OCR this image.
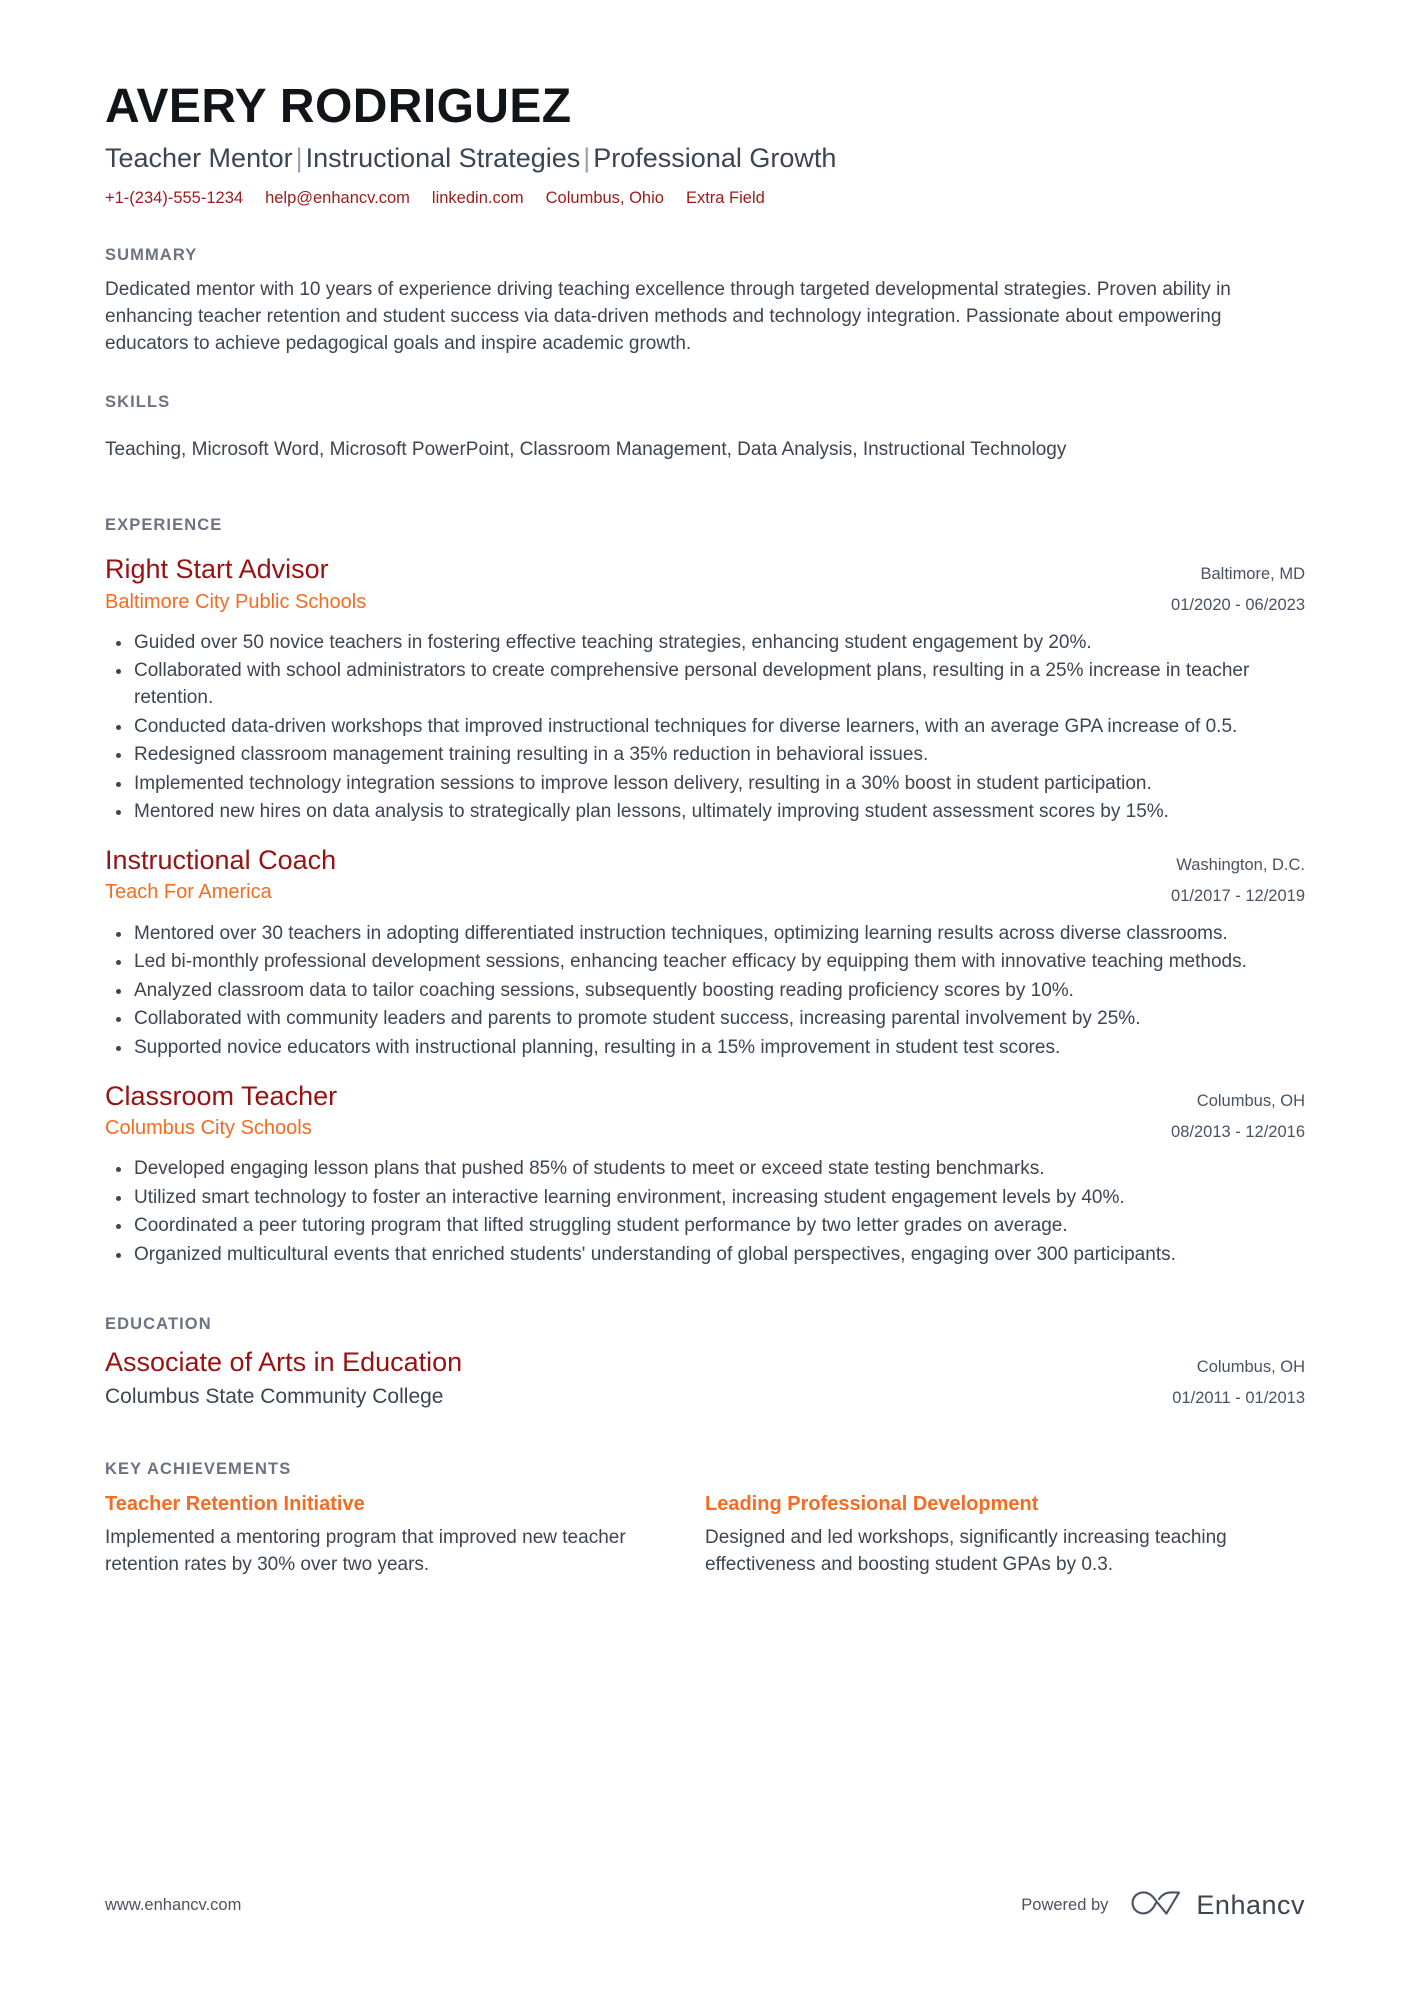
AVERY RODRIGUEZ
Teacher Mentor | Instructional Strategies | Professional Growth
+1-(234)-555-1234 help@enhancv.com linkedin.com Columbus, Ohio Extra Field
SUMMARY

Dedicated mentor with 10 years of experience driving teaching excellence through targeted developmental strategies. Proven ability in enhancing teacher retention and student success via data-driven methods and technology integration. Passionate about empowering educators to achieve pedagogical goals and inspire academic growth.

SKILLS

Teaching, Microsoft Word, Microsoft PowerPoint, Classroom Management, Data Analysis, Instructional Technology

EXPERIENCE
Right Start Advisor
Baltimore City Public Schools
Baltimore, MD
01/2020 - 06/2023
Guided over 50 novice teachers in fostering effective teaching strategies, enhancing student engagement by 20%.
Collaborated with school administrators to create comprehensive personal development plans, resulting in a 25% increase in teacher retention.
Conducted data-driven workshops that improved instructional techniques for diverse learners, with an average GPA increase of 0.5.
Redesigned classroom management training resulting in a 35% reduction in behavioral issues.
Implemented technology integration sessions to improve lesson delivery, resulting in a 30% boost in student participation.
Mentored new hires on data analysis to strategically plan lessons, ultimately improving student assessment scores by 15%.
Instructional Coach
Teach For America
Washington, D.C.
01/2017 - 12/2019
Mentored over 30 teachers in adopting differentiated instruction techniques, optimizing learning results across diverse classrooms.
Led bi-monthly professional development sessions, enhancing teacher efficacy by equipping them with innovative teaching methods.
Analyzed classroom data to tailor coaching sessions, subsequently boosting reading proficiency scores by 10%.
Collaborated with community leaders and parents to promote student success, increasing parental involvement by 25%.
Supported novice educators with instructional planning, resulting in a 15% improvement in student test scores.
Classroom Teacher
Columbus City Schools
Columbus, OH
08/2013 - 12/2016
Developed engaging lesson plans that pushed 85% of students to meet or exceed state testing benchmarks.
Utilized smart technology to foster an interactive learning environment, increasing student engagement levels by 40%.
Coordinated a peer tutoring program that lifted struggling student performance by two letter grades on average.
Organized multicultural events that enriched students' understanding of global perspectives, engaging over 300 participants.
EDUCATION
Associate of Arts in Education
Columbus State Community College
Columbus, OH
01/2011 - 01/2013
KEY ACHIEVEMENTS
Teacher Retention Initiative

Implemented a mentoring program that improved new teacher retention rates by 30% over two years.

Leading Professional Development

Designed and led workshops, significantly increasing teaching effectiveness and boosting student GPAs by 0.3.

www.enhancv.com	Powered by	Enhancv
